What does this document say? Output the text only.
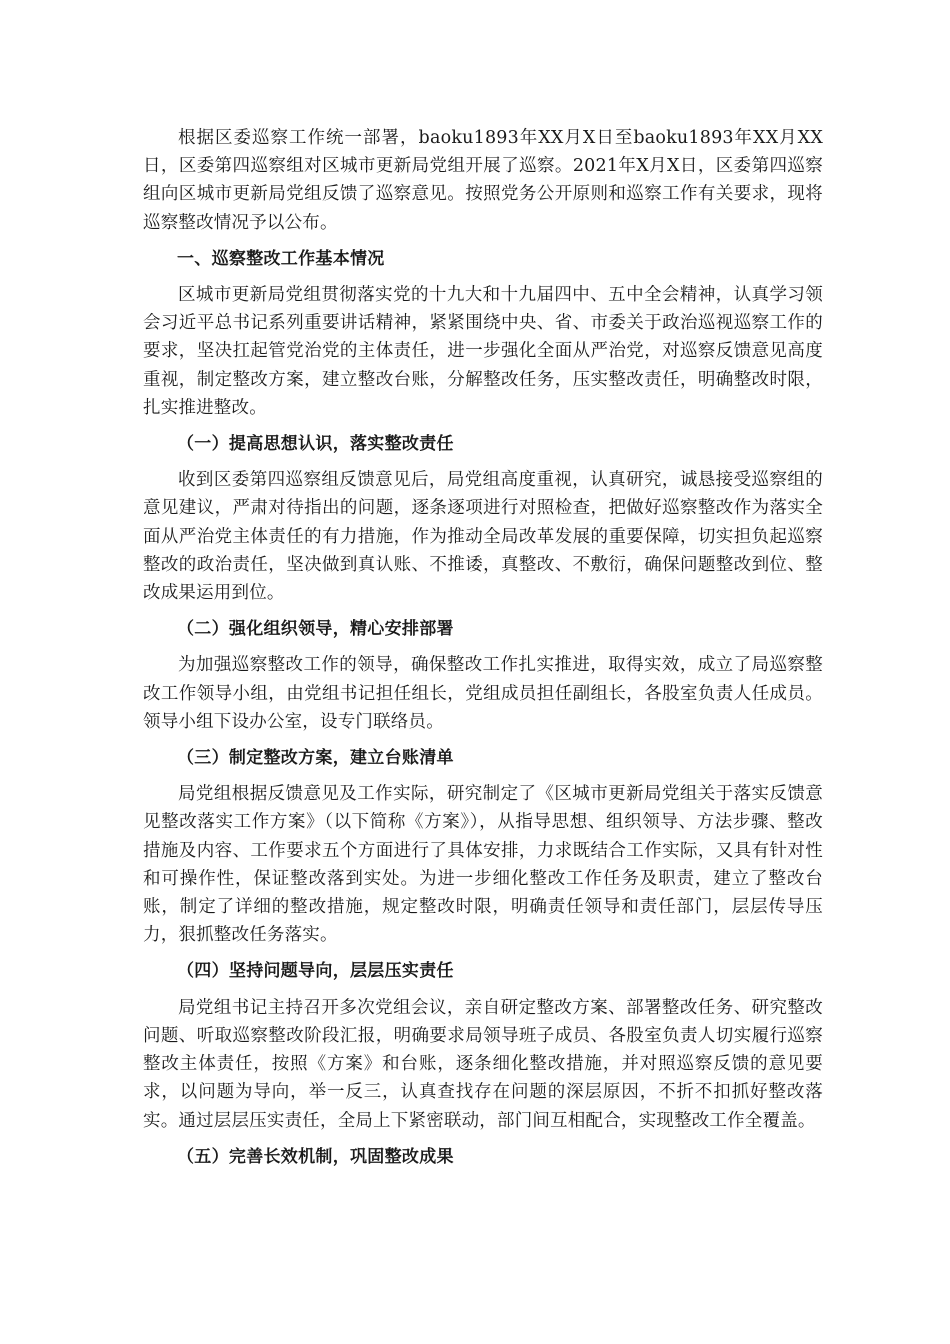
根据区委巡察工作统一部署，baoku1893年XX月X日至baoku1893年XX月XX日，区委第四巡察组对区城市更新局党组开展了巡察。2021年X月X日，区委第四巡察组向区城市更新局党组反馈了巡察意见。按照党务公开原则和巡察工作有关要求，现将巡察整改情况予以公布。

一、巡察整改工作基本情况

区城市更新局党组贯彻落实党的十九大和十九届四中、五中全会精神，认真学习领会习近平总书记系列重要讲话精神，紧紧围绕中央、省、市委关于政治巡视巡察工作的要求，坚决扛起管党治党的主体责任，进一步强化全面从严治党，对巡察反馈意见高度重视，制定整改方案，建立整改台账，分解整改任务，压实整改责任，明确整改时限，扎实推进整改。

（一）提高思想认识，落实整改责任

收到区委第四巡察组反馈意见后，局党组高度重视，认真研究，诚恳接受巡察组的意见建议，严肃对待指出的问题，逐条逐项进行对照检查，把做好巡察整改作为落实全面从严治党主体责任的有力措施，作为推动全局改革发展的重要保障，切实担负起巡察整改的政治责任，坚决做到真认账、不推诿，真整改、不敷衍，确保问题整改到位、整改成果运用到位。

（二）强化组织领导，精心安排部署

为加强巡察整改工作的领导，确保整改工作扎实推进，取得实效，成立了局巡察整改工作领导小组，由党组书记担任组长，党组成员担任副组长，各股室负责人任成员。领导小组下设办公室，设专门联络员。

（三）制定整改方案，建立台账清单

局党组根据反馈意见及工作实际，研究制定了《区城市更新局党组关于落实反馈意见整改落实工作方案》（以下简称《方案》），从指导思想、组织领导、方法步骤、整改措施及内容、工作要求五个方面进行了具体安排，力求既结合工作实际，又具有针对性和可操作性，保证整改落到实处。为进一步细化整改工作任务及职责，建立了整改台账，制定了详细的整改措施，规定整改时限，明确责任领导和责任部门，层层传导压力，狠抓整改任务落实。

（四）坚持问题导向，层层压实责任

局党组书记主持召开多次党组会议，亲自研定整改方案、部署整改任务、研究整改问题、听取巡察整改阶段汇报，明确要求局领导班子成员、各股室负责人切实履行巡察整改主体责任，按照《方案》和台账，逐条细化整改措施，并对照巡察反馈的意见要求，以问题为导向，举一反三，认真查找存在问题的深层原因，不折不扣抓好整改落实。通过层层压实责任，全局上下紧密联动，部门间互相配合，实现整改工作全覆盖。

（五）完善长效机制，巩固整改成果
